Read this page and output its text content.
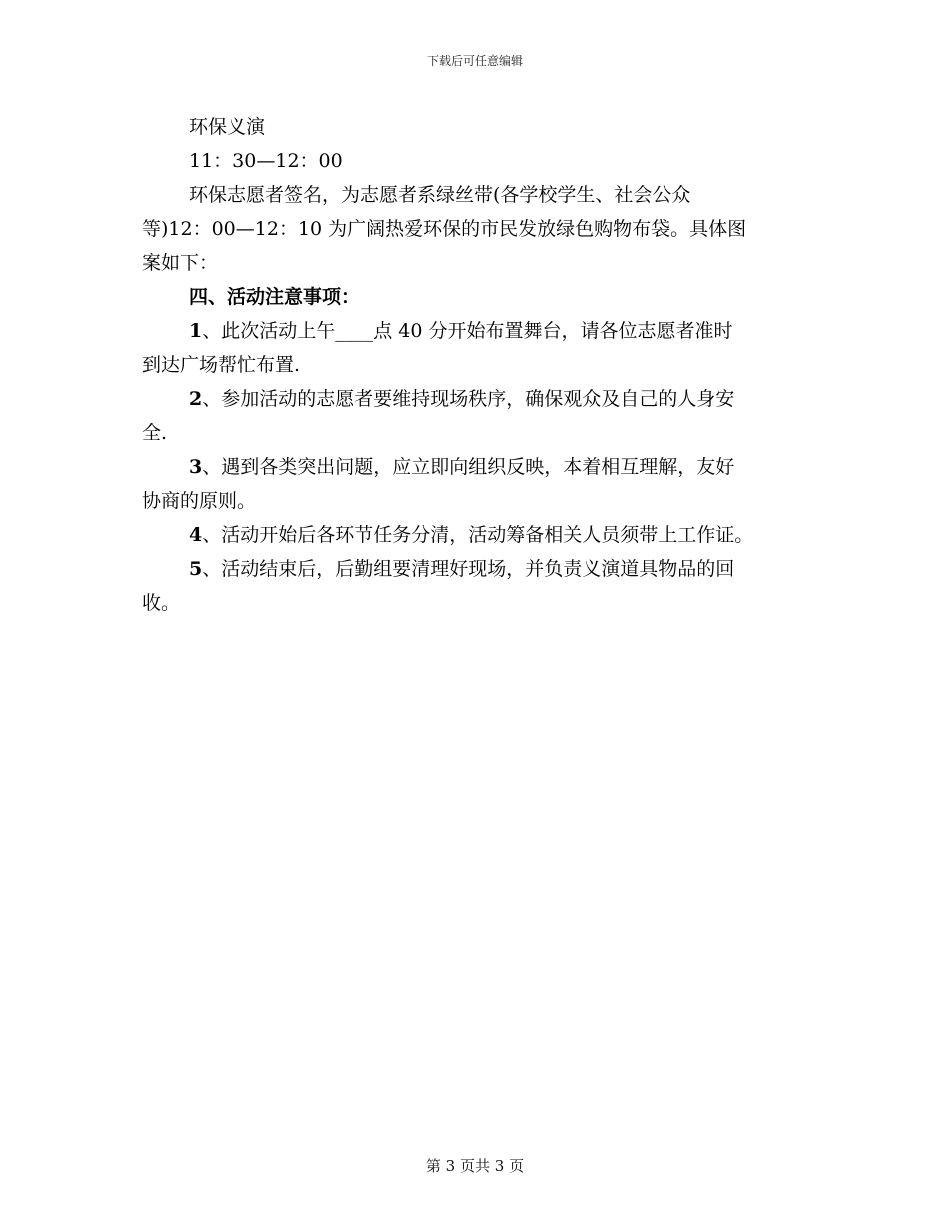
下载后可任意编辑

环保义演

11：30—12：00

环保志愿者签名，为志愿者系绿丝带(各学校学生、社会公众

等)12：00—12：10 为广阔热爱环保的市民发放绿色购物布袋。具体图

案如下：

四、活动注意事项：

1、此次活动上午____点 40 分开始布置舞台，请各位志愿者准时

到达广场帮忙布置.

2、参加活动的志愿者要维持现场秩序，确保观众及自己的人身安

全.

3、遇到各类突出问题，应立即向组织反映，本着相互理解，友好

协商的原则。

4、活动开始后各环节任务分清，活动筹备相关人员须带上工作证。

5、活动结束后，后勤组要清理好现场，并负责义演道具物品的回

收。

第 3 页共 3 页
